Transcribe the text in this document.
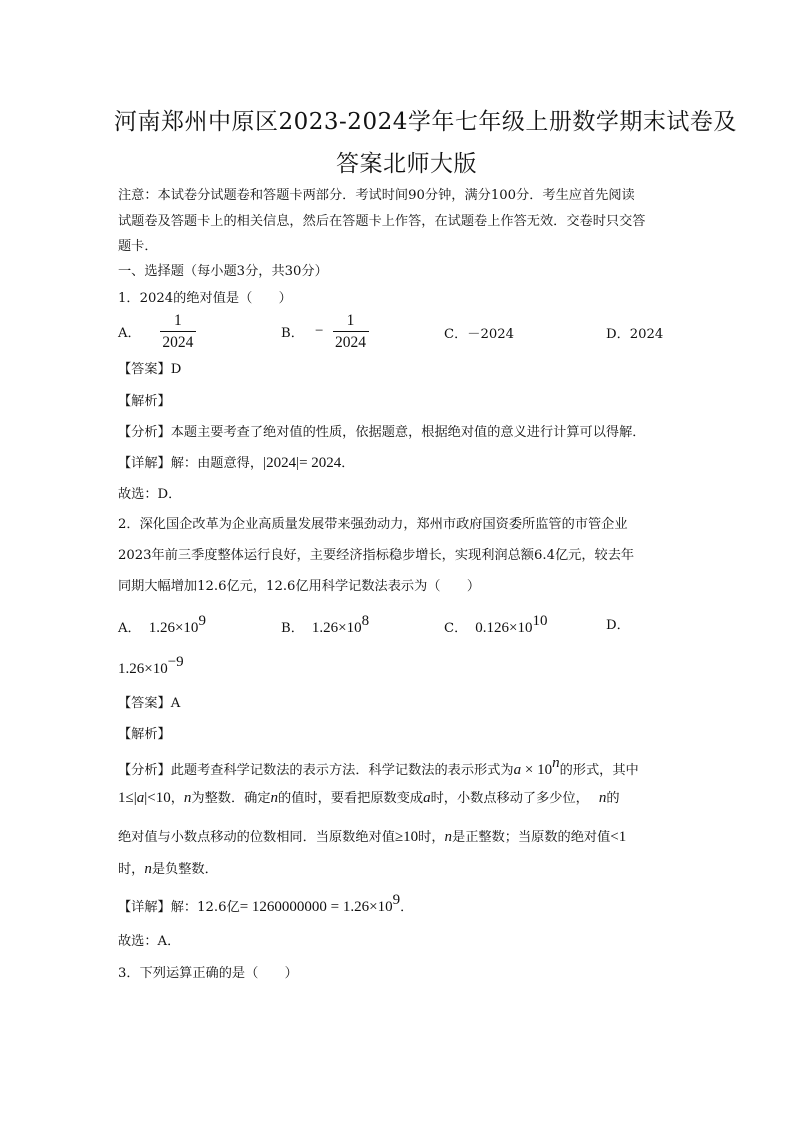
河南郑州中原区2023-2024学年七年级上册数学期末试卷及
答案北师大版
注意：本试卷分试题卷和答题卡两部分．考试时间90分钟，满分100分．考生应首先阅读
试题卷及答题卡上的相关信息，然后在答题卡上作答，在试题卷上作答无效．交卷时只交答
题卡．
一、选择题（每小题3分，共30分）
1．2024的绝对值是（　　）
A． $\frac{1}{2024}$	B． − $\frac{1}{2024}$	C．－2024	D．2024
【答案】D
【解析】
【分析】本题主要考查了绝对值的性质，依据题意，根据绝对值的意义进行计算可以得解．
【详解】解：由题意得，|2024|= 2024．
故选：D．
2．深化国企改革为企业高质量发展带来强劲动力，郑州市政府国资委所监管的市管企业
2023年前三季度整体运行良好，主要经济指标稳步增长，实现利润总额6.4亿元，较去年
同期大幅增加12.6亿元，12.6亿用科学记数法表示为（　　）
A． $1.26\times 10^9$	B． $1.26\times 10^8$	C． $0.126\times 10^{10}$	D．
$1.26\times 10^{-9}$
【答案】A
【解析】
【分析】此题考查科学记数法的表示方法．科学记数法的表示形式为$a \times 10^n$的形式，其中
1≤|a|<10，n为整数．确定n的值时，要看把原数变成a时，小数点移动了多少位， n的
绝对值与小数点移动的位数相同．当原数绝对值≥10时，n是正整数；当原数的绝对值<1
时，n是负整数．
【详解】解：12.6亿= $1260000000 = 1.26\times 10^9$．
故选：A．
3．下列运算正确的是（　　）
